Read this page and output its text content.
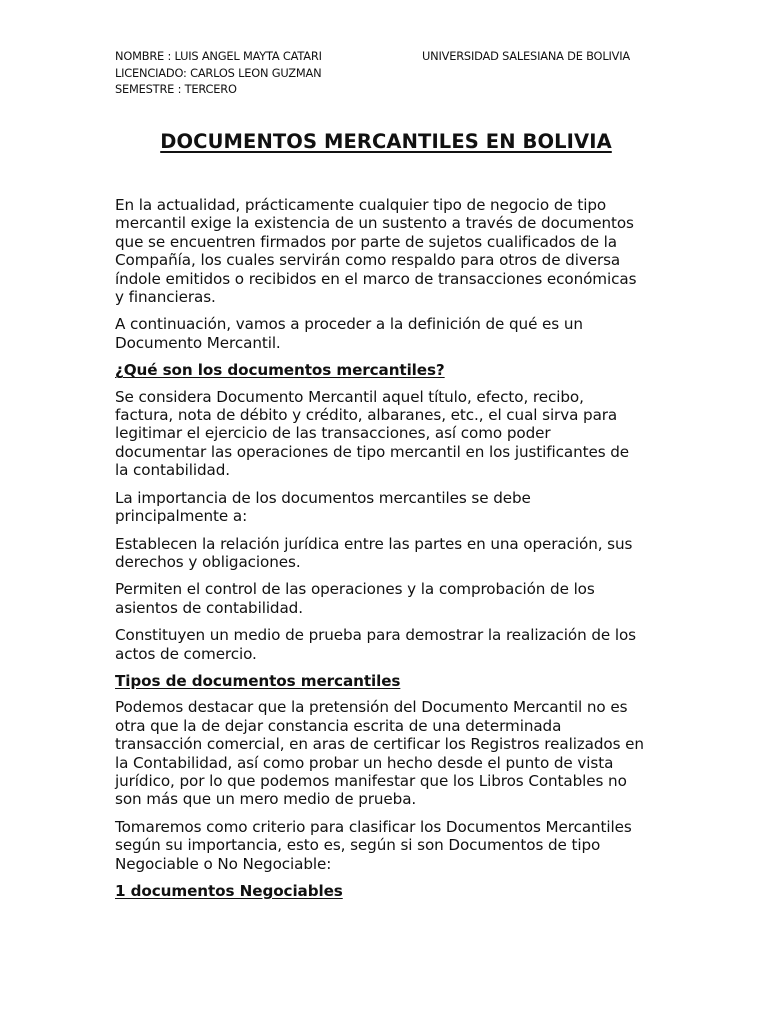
NOMBRE : LUIS ANGEL MAYTA CATARI
LICENCIADO: CARLOS LEON GUZMAN
SEMESTRE : TERCERO
UNIVERSIDAD SALESIANA DE BOLIVIA
DOCUMENTOS MERCANTILES EN BOLIVIA

En la actualidad, prácticamente cualquier tipo de negocio de tipo
mercantil exige la existencia de un sustento a través de documentos
que se encuentren firmados por parte de sujetos cualificados de la
Compañía, los cuales servirán como respaldo para otros de diversa
índole emitidos o recibidos en el marco de transacciones económicas
y financieras.

A continuación, vamos a proceder a la definición de qué es un
Documento Mercantil.

¿Qué son los documentos mercantiles?

Se considera Documento Mercantil aquel título, efecto, recibo,
factura, nota de débito y crédito, albaranes, etc., el cual sirva para
legitimar el ejercicio de las transacciones, así como poder
documentar las operaciones de tipo mercantil en los justificantes de
la contabilidad.

La importancia de los documentos mercantiles se debe
principalmente a:

Establecen la relación jurídica entre las partes en una operación, sus
derechos y obligaciones.

Permiten el control de las operaciones y la comprobación de los
asientos de contabilidad.

Constituyen un medio de prueba para demostrar la realización de los
actos de comercio.

Tipos de documentos mercantiles

Podemos destacar que la pretensión del Documento Mercantil no es
otra que la de dejar constancia escrita de una determinada
transacción comercial, en aras de certificar los Registros realizados en
la Contabilidad, así como probar un hecho desde el punto de vista
jurídico, por lo que podemos manifestar que los Libros Contables no
son más que un mero medio de prueba.

Tomaremos como criterio para clasificar los Documentos Mercantiles
según su importancia, esto es, según si son Documentos de tipo
Negociable o No Negociable:

1 documentos Negociables
